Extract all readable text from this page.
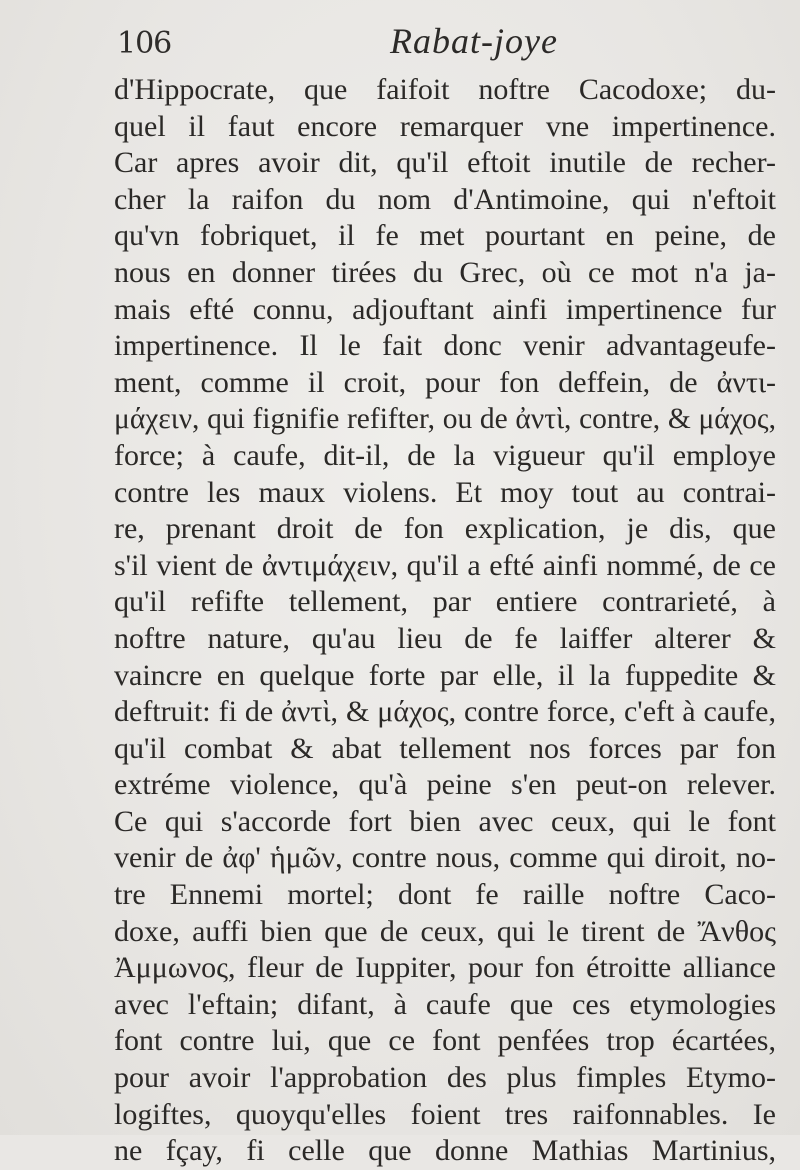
106	Rabat-joye
d'Hippocrate, que faifoit noftre Cacodoxe; du-
quel il faut encore remarquer vne impertinence.
Car apres avoir dit, qu'il eftoit inutile de recher-
cher la raifon du nom d'Antimoine, qui n'eftoit
qu'vn fobriquet, il fe met pourtant en peine, de
nous en donner tirées du Grec, où ce mot n'a ja-
mais efté connu, adjouftant ainfi impertinence fur
impertinence. Il le fait donc venir advantageufe-
ment, comme il croit, pour fon deffein, de ἀντι-
μάχειν, qui fignifie refifter, ou de ἀντὶ, contre, & μάχος,
force; à caufe, dit-il, de la vigueur qu'il employe
contre les maux violens. Et moy tout au contrai-
re, prenant droit de fon explication, je dis, que
s'il vient de ἀντιμάχειν, qu'il a efté ainfi nommé, de ce
qu'il refifte tellement, par entiere contrarieté, à
noftre nature, qu'au lieu de fe laiffer alterer &
vaincre en quelque forte par elle, il la fuppedite &
deftruit: fi de ἀντὶ, & μάχος, contre force, c'eft à caufe,
qu'il combat & abat tellement nos forces par fon
extréme violence, qu'à peine s'en peut-on relever.
Ce qui s'accorde fort bien avec ceux, qui le font
venir de ἀφ' ἡμῶν, contre nous, comme qui diroit, no-
tre Ennemi mortel; dont fe raille noftre Caco-
doxe, auffi bien que de ceux, qui le tirent de Ἄνθος
Ἀμμωνος, fleur de Iuppiter, pour fon étroitte alliance
avec l'eftain; difant, à caufe que ces etymologies
font contre lui, que ce font penfées trop écartées,
pour avoir l'approbation des plus fimples Etymo-
logiftes, quoyqu'elles foient tres raifonnables. Ie
ne fçay, fi celle que donne Mathias Martinius,
